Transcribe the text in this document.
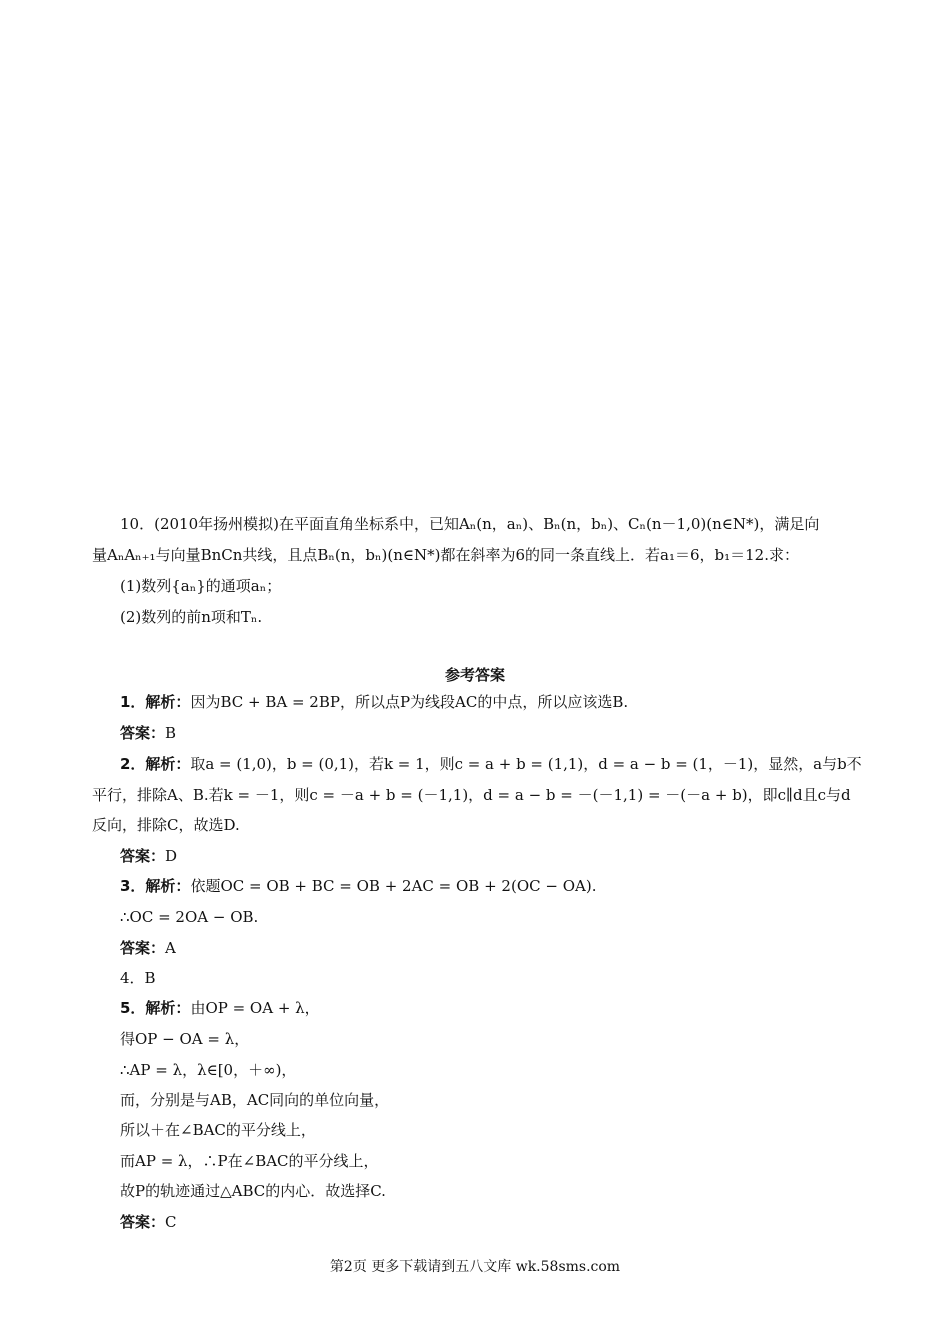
10．(2010年扬州模拟)在平面直角坐标系中，已知Aₙ(n，aₙ)、Bₙ(n，bₙ)、Cₙ(n－1,0)(n∈N*)，满足向
量AₙAₙ₊₁与向量BnCn共线，且点Bₙ(n，bₙ)(n∈N*)都在斜率为6的同一条直线上．若a₁＝6，b₁＝12.求：
(1)数列{aₙ}的通项aₙ；
(2)数列的前n项和Tₙ.
参考答案
1．解析：因为BC + BA = 2BP，所以点P为线段AC的中点，所以应该选B.
答案：B
2．解析：取a = (1,0)，b = (0,1)，若k = 1，则c = a + b = (1,1)，d = a − b = (1，－1)，显然，a与b不
平行，排除A、B.若k = －1，则c = －a + b = (－1,1)，d = a − b = －(－1,1) = －(－a + b)，即c∥d且c与d
反向，排除C，故选D.
答案：D
3．解析：依题OC = OB + BC = OB + 2AC = OB + 2(OC − OA).
∴OC = 2OA − OB.
答案：A
4．B
5．解析：由OP = OA + λ，
得OP − OA = λ，
∴AP = λ，λ∈[0，＋∞)，
而，分别是与AB，AC同向的单位向量，
所以＋在∠BAC的平分线上，
而AP = λ，∴P在∠BAC的平分线上，
故P的轨迹通过△ABC的内心．故选择C.
答案：C
第2页 更多下载请到五八文库 wk.58sms.com
